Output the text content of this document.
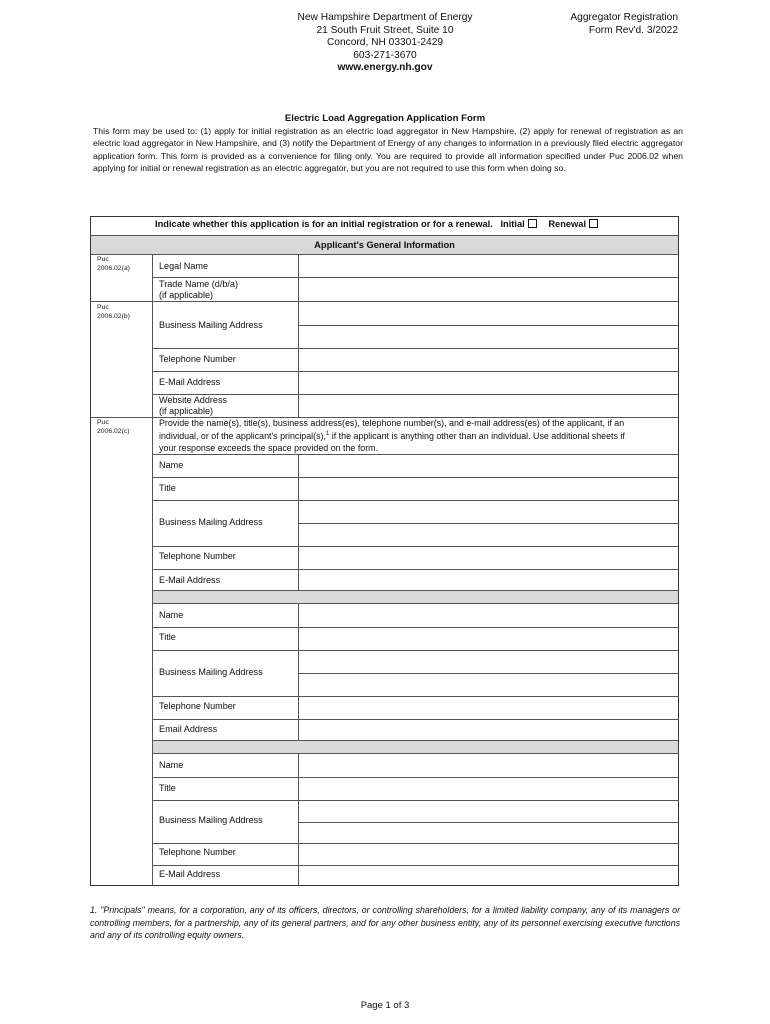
New Hampshire Department of Energy
21 South Fruit Street, Suite 10
Concord, NH 03301-2429
603-271-3670
www.energy.nh.gov
Aggregator Registration
Form Rev'd. 3/2022
Electric Load Aggregation Application Form
This form may be used to: (1) apply for initial registration as an electric load aggregator in New Hampshire, (2) apply for renewal of registration as an electric load aggregator in New Hampshire, and (3) notify the Department of Energy of any changes to information in a previously filed electric aggregator application form. This form is provided as a convenience for filing only. You are required to provide all information specified under Puc 2006.02 when applying for initial or renewal registration as an electric aggregator, but you are not required to use this form when doing so.
Indicate whether this application is for an initial registration or for a renewal. Initial	Renewal
Applicant's General Information
Puc
2006.02(a)
Puc
2006.02(b)
Puc
2006.02(c)
Legal Name
Trade Name (d/b/a)
(if applicable)
Business Mailing Address
Telephone Number
E-Mail Address
Website Address
(if applicable)
Provide the name(s), title(s), business address(es), telephone number(s), and e-mail address(es) of the applicant, if an
individual, or of the applicant's principal(s),$^1$ if the applicant is anything other than an individual. Use additional sheets if
your response exceeds the space provided on the form.
Name
Title
Business Mailing Address
Telephone Number
E-Mail Address
Name
Title
Business Mailing Address
Telephone Number
Email Address
Name
Title
Business Mailing Address
Telephone Number
E-Mail Address
1. "Principals" means, for a corporation, any of its officers, directors, or controlling shareholders, for a limited liability company, any of its managers or controlling members, for a partnership, any of its general partners, and for any other business entity, any of its personnel exercising executive functions and any of its controlling equity owners.
Page 1 of 3
